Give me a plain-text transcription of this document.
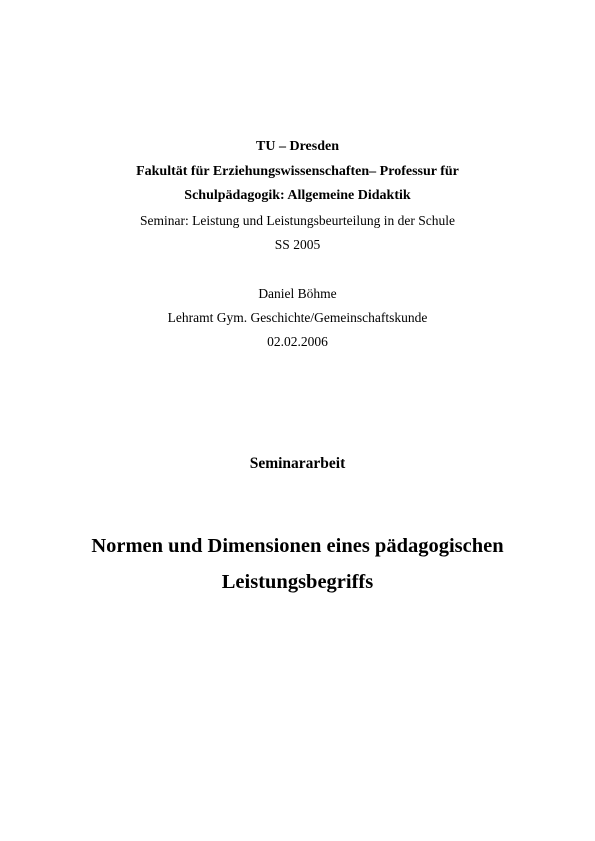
TU – Dresden
Fakultät für Erziehungswissenschaften– Professur für
Schulpädagogik: Allgemeine Didaktik
Seminar: Leistung und Leistungsbeurteilung in der Schule
SS 2005
Daniel Böhme
Lehramt Gym. Geschichte/Gemeinschaftskunde
02.02.2006
Seminararbeit
Normen und Dimensionen eines pädagogischen
Leistungsbegriffs
